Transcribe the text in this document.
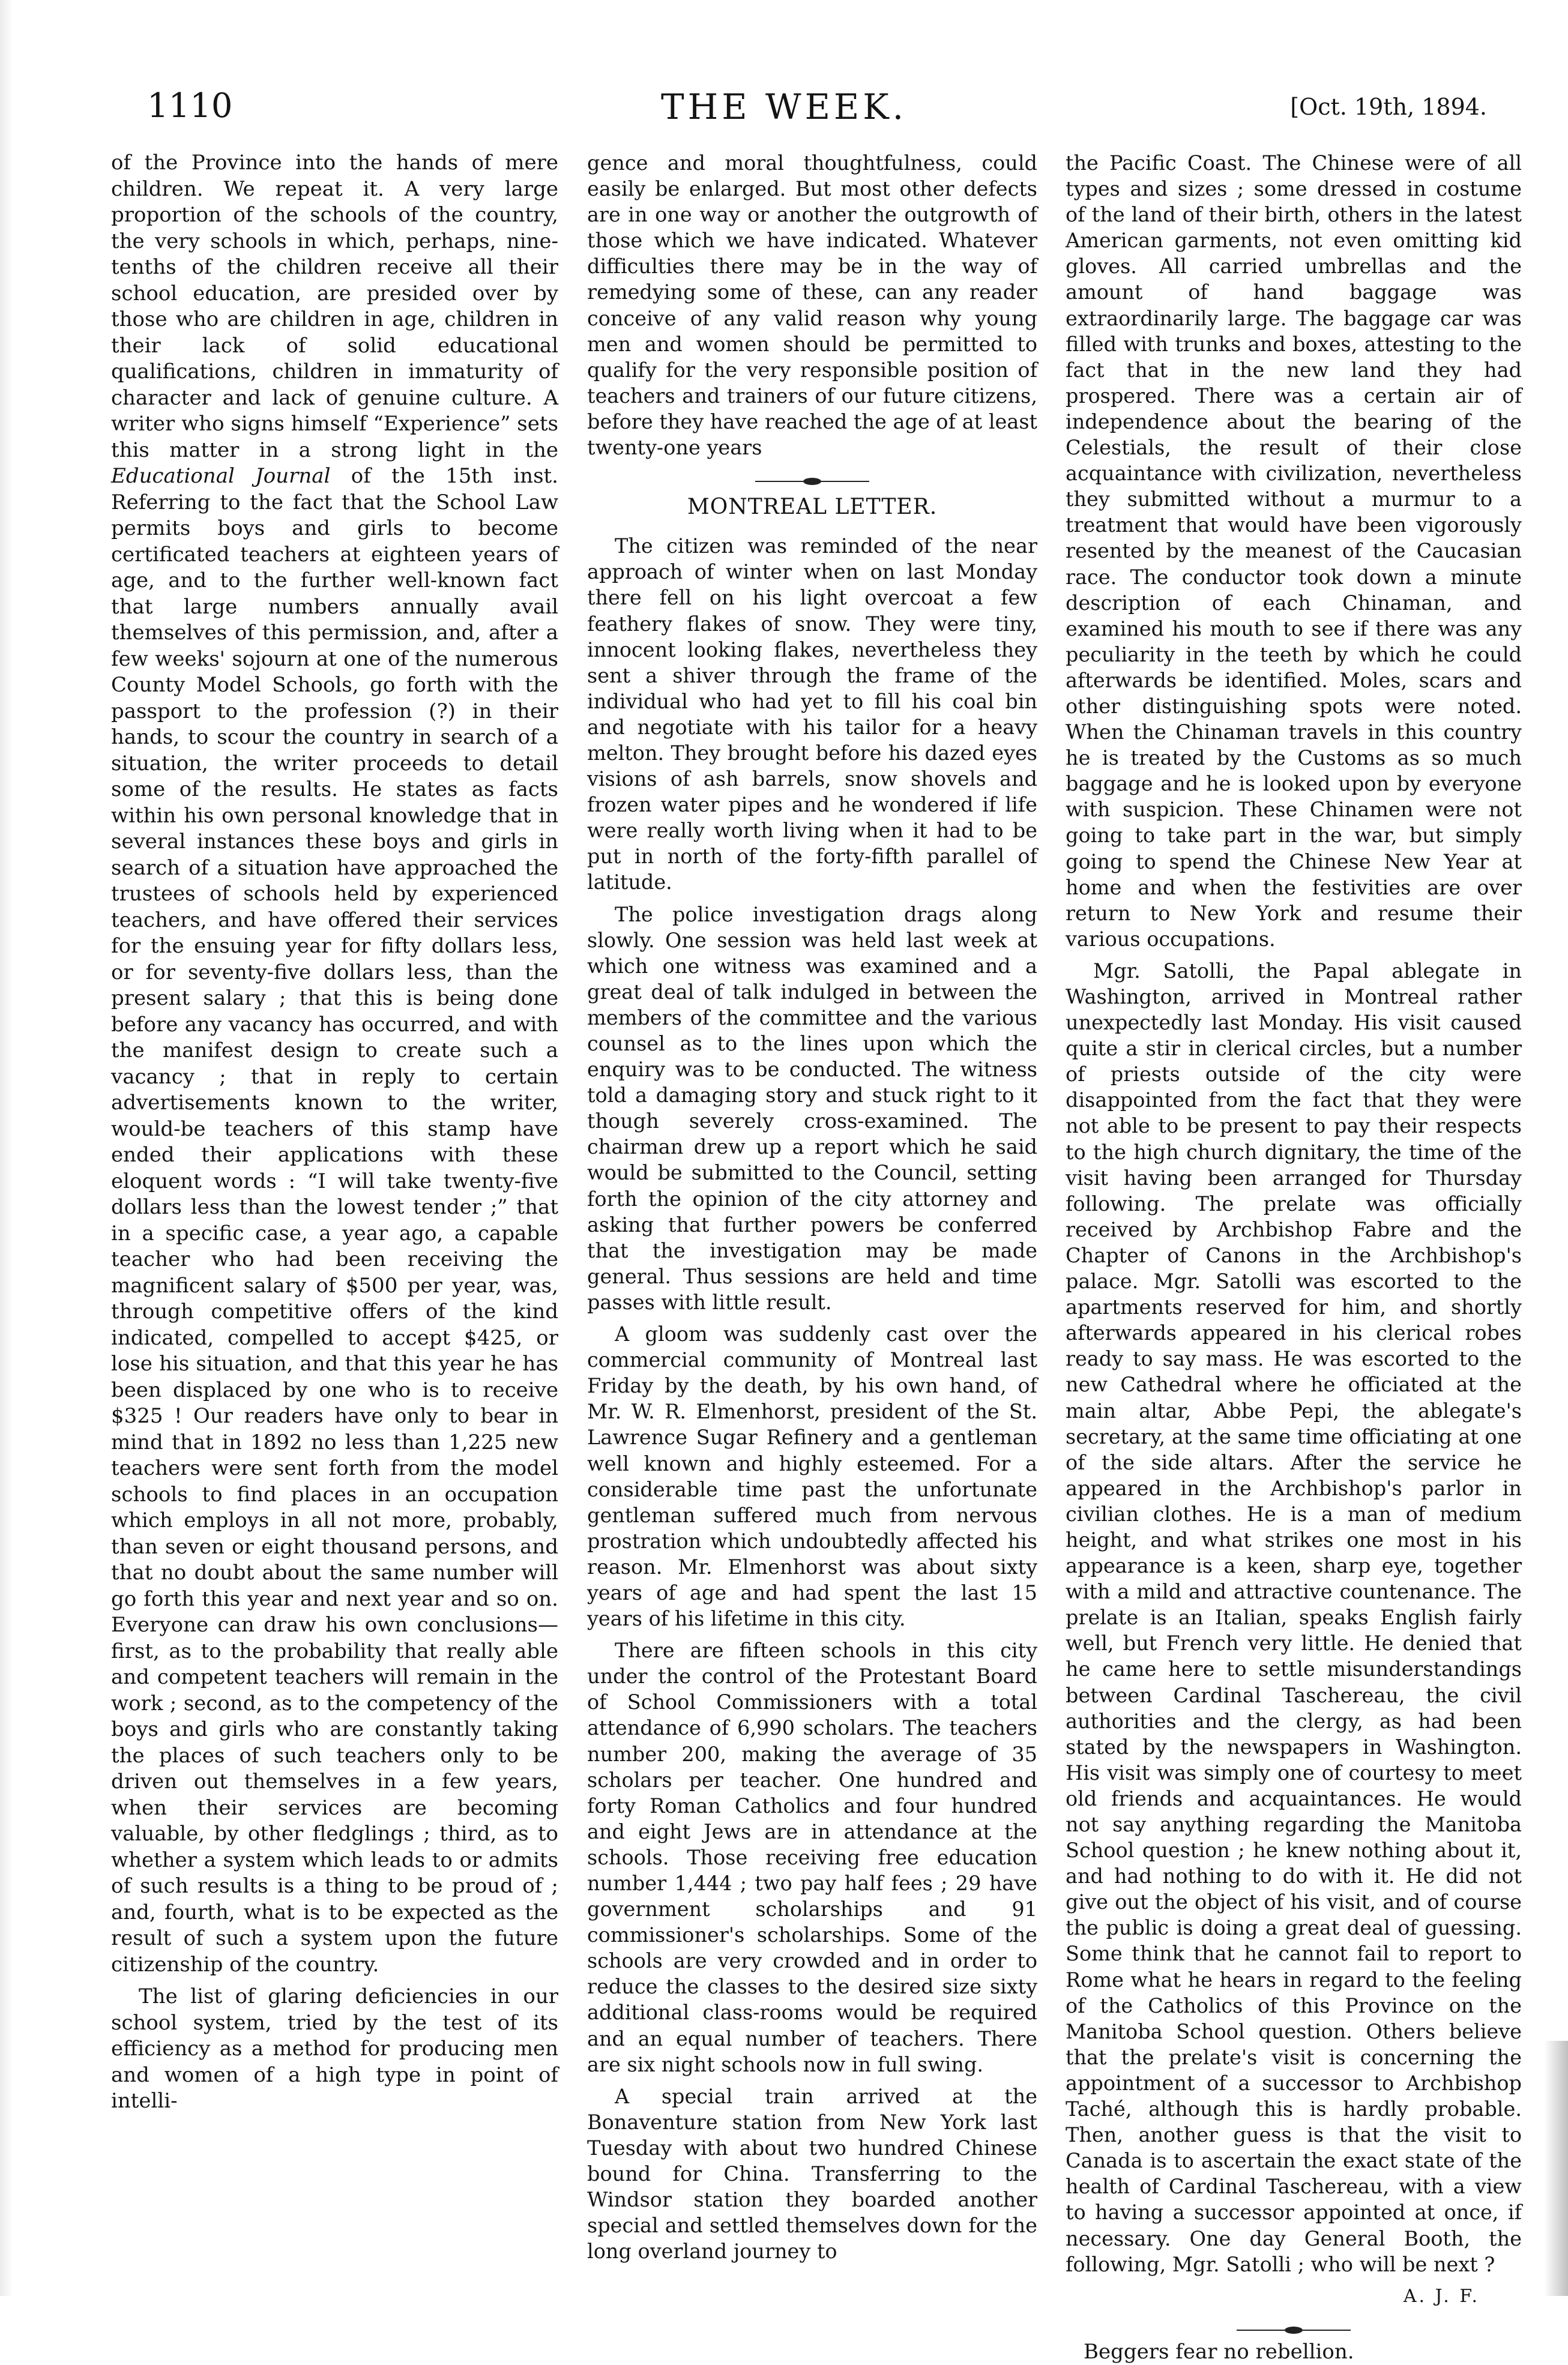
1110	THE WEEK.	[Oct. 19th, 1894.

of the Province into the hands of mere children. We repeat it. A very large proportion of the schools of the country, the very schools in which, perhaps, nine-tenths of the children receive all their school education, are presided over by those who are children in age, children in their lack of solid educational qualifications, children in immaturity of character and lack of genuine culture. A writer who signs himself “Experience” sets this matter in a strong light in the Educational Journal of the 15th inst. Referring to the fact that the School Law permits boys and girls to become certificated teachers at eighteen years of age, and to the further well-known fact that large numbers annually avail themselves of this permission, and, after a few weeks' sojourn at one of the numerous County Model Schools, go forth with the passport to the profession (?) in their hands, to scour the country in search of a situation, the writer proceeds to detail some of the results. He states as facts within his own personal knowledge that in several instances these boys and girls in search of a situation have approached the trustees of schools held by experienced teachers, and have offered their services for the ensuing year for fifty dollars less, or for seventy-five dollars less, than the present salary ; that this is being done before any vacancy has occurred, and with the manifest design to create such a vacancy ; that in reply to certain advertisements known to the writer, would-be teachers of this stamp have ended their applications with these eloquent words : “I will take twenty-five dollars less than the lowest tender ;” that in a specific case, a year ago, a capable teacher who had been receiving the magnificent salary of $500 per year, was, through competitive offers of the kind indicated, compelled to accept $425, or lose his situation, and that this year he has been displaced by one who is to receive $325 ! Our readers have only to bear in mind that in 1892 no less than 1,225 new teachers were sent forth from the model schools to find places in an occupation which employs in all not more, probably, than seven or eight thousand persons, and that no doubt about the same number will go forth this year and next year and so on. Everyone can draw his own conclusions—first, as to the probability that really able and competent teachers will remain in the work ; second, as to the competency of the boys and girls who are constantly taking the places of such teachers only to be driven out themselves in a few years, when their services are becoming valuable, by other fledglings ; third, as to whether a system which leads to or admits of such results is a thing to be proud of ; and, fourth, what is to be expected as the result of such a system upon the future citizenship of the country.

The list of glaring deficiencies in our school system, tried by the test of its efficiency as a method for producing men and women of a high type in point of intelli-

gence and moral thoughtfulness, could easily be enlarged. But most other defects are in one way or another the outgrowth of those which we have indicated. Whatever difficulties there may be in the way of remedying some of these, can any reader conceive of any valid reason why young men and women should be permitted to qualify for the very responsible position of teachers and trainers of our future citizens, before they have reached the age of at least twenty-one years

MONTREAL LETTER.

The citizen was reminded of the near approach of winter when on last Monday there fell on his light overcoat a few feathery flakes of snow. They were tiny, innocent looking flakes, nevertheless they sent a shiver through the frame of the individual who had yet to fill his coal bin and negotiate with his tailor for a heavy melton. They brought before his dazed eyes visions of ash barrels, snow shovels and frozen water pipes and he wondered if life were really worth living when it had to be put in north of the forty-fifth parallel of latitude.

The police investigation drags along slowly. One session was held last week at which one witness was examined and a great deal of talk indulged in between the members of the committee and the various counsel as to the lines upon which the enquiry was to be conducted. The witness told a damaging story and stuck right to it though severely cross-examined. The chairman drew up a report which he said would be submitted to the Council, setting forth the opinion of the city attorney and asking that further powers be conferred that the investigation may be made general. Thus sessions are held and time passes with little result.

A gloom was suddenly cast over the commercial community of Montreal last Friday by the death, by his own hand, of Mr. W. R. Elmenhorst, president of the St. Lawrence Sugar Refinery and a gentleman well known and highly esteemed. For a considerable time past the unfortunate gentleman suffered much from nervous prostration which undoubtedly affected his reason. Mr. Elmenhorst was about sixty years of age and had spent the last 15 years of his lifetime in this city.

There are fifteen schools in this city under the control of the Protestant Board of School Commissioners with a total attendance of 6,990 scholars. The teachers number 200, making the average of 35 scholars per teacher. One hundred and forty Roman Catholics and four hundred and eight Jews are in attendance at the schools. Those receiving free education number 1,444 ; two pay half fees ; 29 have government scholarships and 91 commissioner's scholarships. Some of the schools are very crowded and in order to reduce the classes to the desired size sixty additional class-rooms would be required and an equal number of teachers. There are six night schools now in full swing.

A special train arrived at the Bonaventure station from New York last Tuesday with about two hundred Chinese bound for China. Transferring to the Windsor station they boarded another special and settled themselves down for the long overland journey to

the Pacific Coast. The Chinese were of all types and sizes ; some dressed in costume of the land of their birth, others in the latest American garments, not even omitting kid gloves. All carried umbrellas and the amount of hand baggage was extraordinarily large. The baggage car was filled with trunks and boxes, attesting to the fact that in the new land they had prospered. There was a certain air of independence about the bearing of the Celestials, the result of their close acquaintance with civilization, nevertheless they submitted without a murmur to a treatment that would have been vigorously resented by the meanest of the Caucasian race. The conductor took down a minute description of each Chinaman, and examined his mouth to see if there was any peculiarity in the teeth by which he could afterwards be identified. Moles, scars and other distinguishing spots were noted. When the Chinaman travels in this country he is treated by the Customs as so much baggage and he is looked upon by everyone with suspicion. These Chinamen were not going to take part in the war, but simply going to spend the Chinese New Year at home and when the festivities are over return to New York and resume their various occupations.

Mgr. Satolli, the Papal ablegate in Washington, arrived in Montreal rather unexpectedly last Monday. His visit caused quite a stir in clerical circles, but a number of priests outside of the city were disappointed from the fact that they were not able to be present to pay their respects to the high church dignitary, the time of the visit having been arranged for Thursday following. The prelate was officially received by Archbishop Fabre and the Chapter of Canons in the Archbishop's palace. Mgr. Satolli was escorted to the apartments reserved for him, and shortly afterwards appeared in his clerical robes ready to say mass. He was escorted to the new Cathedral where he officiated at the main altar, Abbe Pepi, the ablegate's secretary, at the same time officiating at one of the side altars. After the service he appeared in the Archbishop's parlor in civilian clothes. He is a man of medium height, and what strikes one most in his appearance is a keen, sharp eye, together with a mild and attractive countenance. The prelate is an Italian, speaks English fairly well, but French very little. He denied that he came here to settle misunderstandings between Cardinal Taschereau, the civil authorities and the clergy, as had been stated by the newspapers in Washington. His visit was simply one of courtesy to meet old friends and acquaintances. He would not say anything regarding the Manitoba School question ; he knew nothing about it, and had nothing to do with it. He did not give out the object of his visit, and of course the public is doing a great deal of guessing. Some think that he cannot fail to report to Rome what he hears in regard to the feeling of the Catholics of this Province on the Manitoba School question. Others believe that the prelate's visit is concerning the appointment of a successor to Archbishop Taché, although this is hardly probable. Then, another guess is that the visit to Canada is to ascertain the exact state of the health of Cardinal Taschereau, with a view to having a successor appointed at once, if necessary. One day General Booth, the following, Mgr. Satolli ; who will be next ?

A. J. F.

Beggers fear no rebellion.
